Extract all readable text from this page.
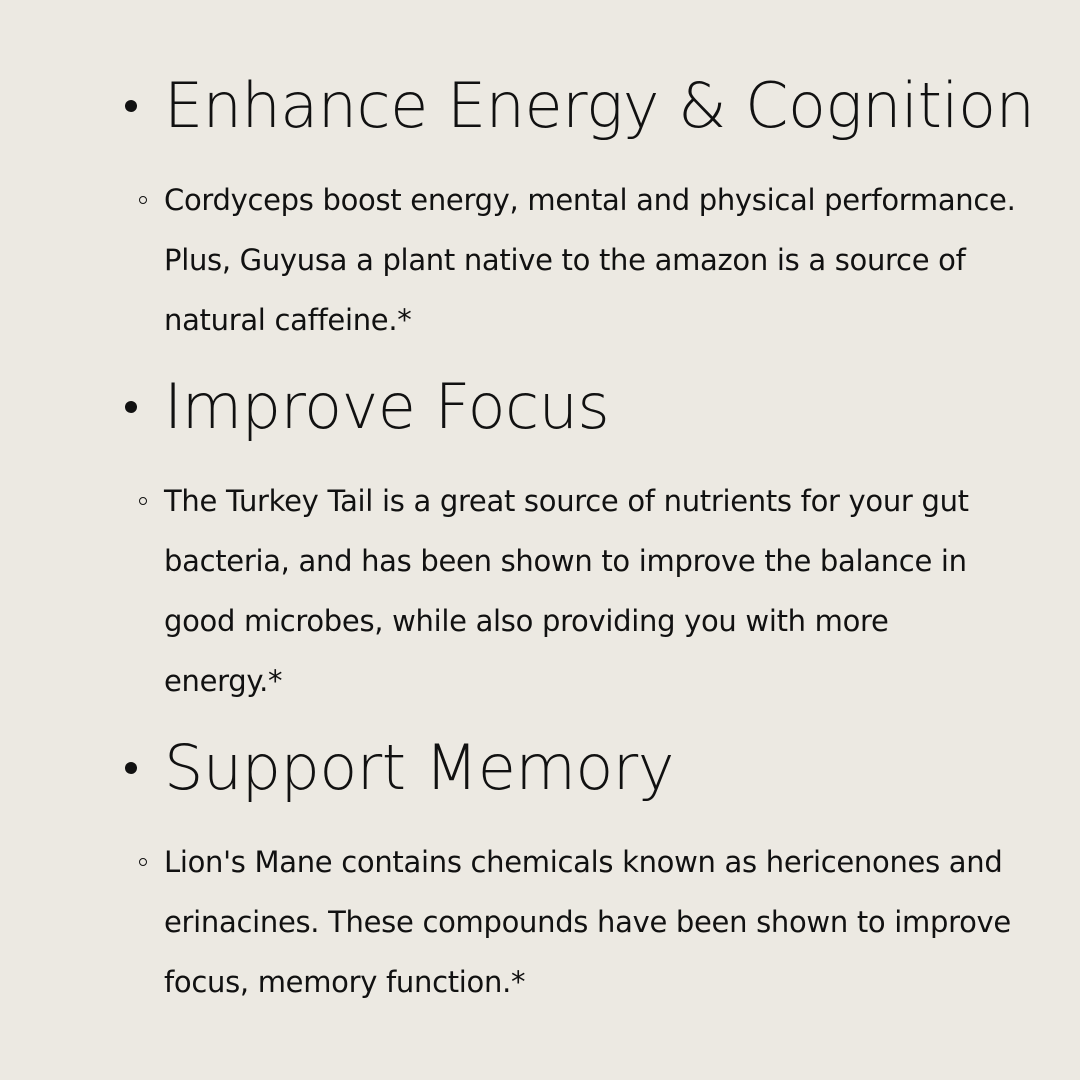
Enhance Energy & Cognition
Cordyceps boost energy, mental and physical performance.
Plus, Guyusa a plant native to the amazon is a source of
natural caffeine.*
Improve Focus
The Turkey Tail is a great source of nutrients for your gut
bacteria, and has been shown to improve the balance in
good microbes, while also providing you with more
energy.*
Support Memory
Lion's Mane contains chemicals known as hericenones and
erinacines. These compounds have been shown to improve
focus, memory function.*
